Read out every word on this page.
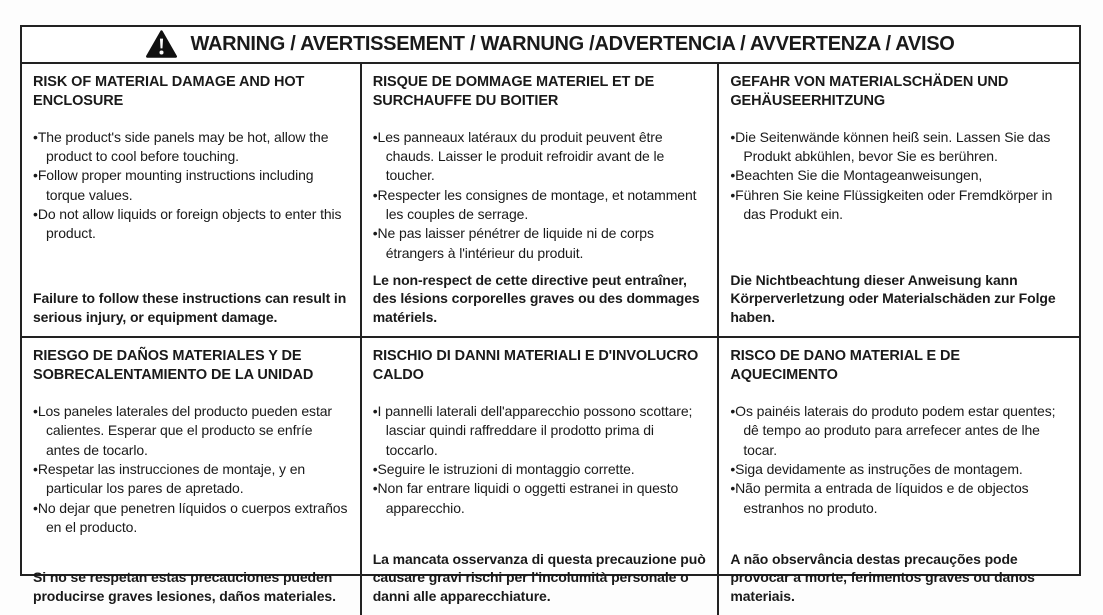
WARNING / AVERTISSEMENT / WARNUNG /ADVERTENCIA / AVVERTENZA / AVISO
RISK OF MATERIAL DAMAGE AND HOT ENCLOSURE
• The product's side panels may be hot, allow the product to cool before touching.
• Follow proper mounting instructions including torque values.
• Do not allow liquids or foreign objects to enter this product.

Failure to follow these instructions can result in serious injury, or equipment damage.

RISQUE DE DOMMAGE MATERIEL ET DE SURCHAUFFE DU BOITIER
• Les panneaux latéraux du produit peuvent être chauds. Laisser le produit refroidir avant de le toucher.
• Respecter les consignes de montage, et notamment les couples de serrage.
• Ne pas laisser pénétrer de liquide ni de corps étrangers à l'intérieur du produit.

Le non-respect de cette directive peut entraîner, des lésions corporelles graves ou des dommages matériels.

GEFAHR VON MATERIALSCHÄDEN UND GEHÄUSEERHITZUNG
• Die Seitenwände können heiß sein. Lassen Sie das Produkt abkühlen, bevor Sie es berühren.
• Beachten Sie die Montageanweisungen,
• Führen Sie keine Flüssigkeiten oder Fremdkörper in das Produkt ein.

Die Nichtbeachtung dieser Anweisung kann Körperverletzung oder Materialschäden zur Folge haben.

RIESGO DE DAÑOS MATERIALES Y DE SOBRECALENTAMIENTO DE LA UNIDAD
• Los paneles laterales del producto pueden estar calientes. Esperar que el producto se enfríe antes de tocarlo.
• Respetar las instrucciones de montaje, y en particular los pares de apretado.
• No dejar que penetren líquidos o cuerpos extraños en el producto.

Si no se respetan estas precauciones pueden producirse graves lesiones, daños materiales.

RISCHIO DI DANNI MATERIALI E D'INVOLUCRO CALDO
• I pannelli laterali dell'apparecchio possono scottare; lasciar quindi raffreddare il prodotto prima di toccarlo.
• Seguire le istruzioni di montaggio corrette.
• Non far entrare liquidi o oggetti estranei in questo apparecchio.

La mancata osservanza di questa precauzione può causare gravi rischi per l'incolumità personale o danni alle apparecchiature.

RISCO DE DANO MATERIAL E DE AQUECIMENTO
• Os painéis laterais do produto podem estar quentes; dê tempo ao produto para arrefecer antes de lhe tocar.
• Siga devidamente as instruções de montagem.
• Não permita a entrada de líquidos e de objectos estranhos no produto.

A não observância destas precauções pode provocar a morte, ferimentos graves ou danos materiais.
